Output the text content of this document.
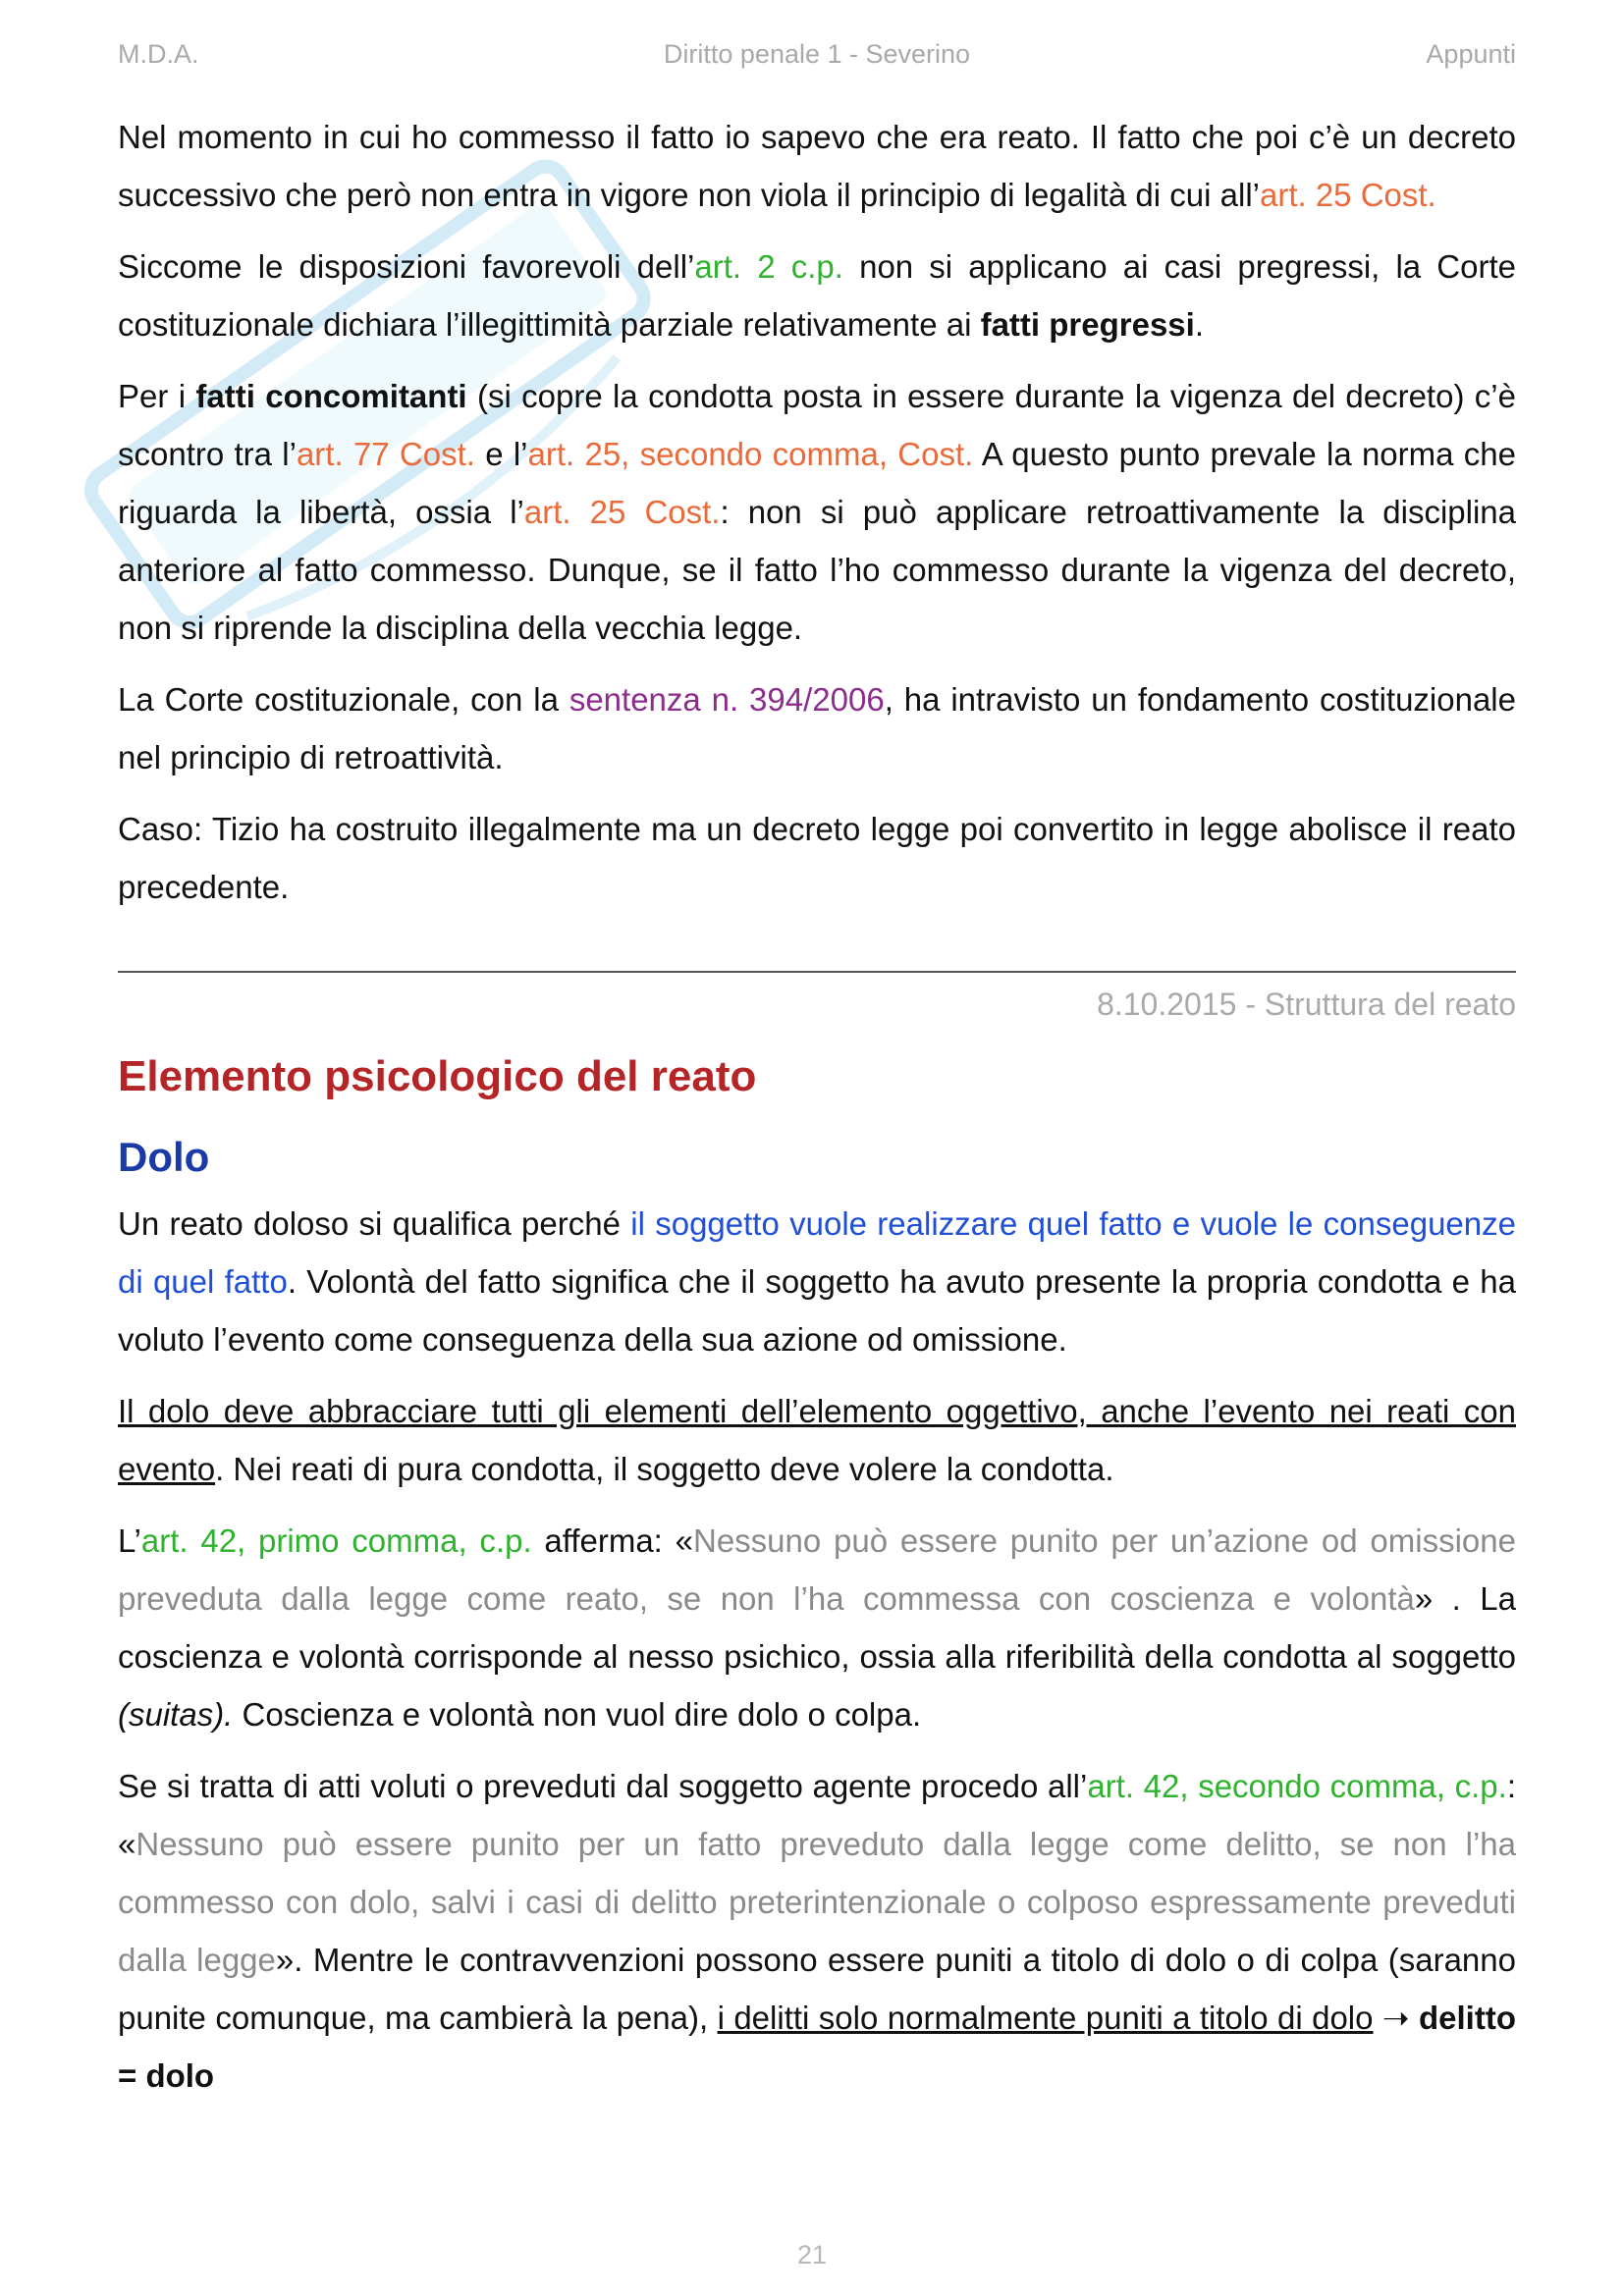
M.D.A.	Diritto penale 1 - Severino	Appunti

Nel momento in cui ho commesso il fatto io sapevo che era reato. Il fatto che poi c’è un decreto successivo che però non entra in vigore non viola il principio di legalità di cui all’art. 25 Cost.

Siccome le disposizioni favorevoli dell’art. 2 c.p. non si applicano ai casi pregressi, la Corte costituzionale dichiara l’illegittimità parziale relativamente ai fatti pregressi.

Per i fatti concomitanti (si copre la condotta posta in essere durante la vigenza del decreto) c’è scontro tra l’art. 77 Cost. e l’art. 25, secondo comma, Cost. A questo punto prevale la norma che riguarda la libertà, ossia l’art. 25 Cost.: non si può applicare retroattivamente la disciplina anteriore al fatto commesso. Dunque, se il fatto l’ho commesso durante la vigenza del decreto, non si riprende la disciplina della vecchia legge.

La Corte costituzionale, con la sentenza n. 394/2006, ha intravisto un fondamento costituzionale nel principio di retroattività.

Caso: Tizio ha costruito illegalmente ma un decreto legge poi convertito in legge abolisce il reato precedente.

8.10.2015 - Struttura del reato
Elemento psicologico del reato
Dolo

Un reato doloso si qualifica perché il soggetto vuole realizzare quel fatto e vuole le conseguenze di quel fatto. Volontà del fatto significa che il soggetto ha avuto presente la propria condotta e ha voluto l’evento come conseguenza della sua azione od omissione.

Il dolo deve abbracciare tutti gli elementi dell’elemento oggettivo, anche l’evento nei reati con evento. Nei reati di pura condotta, il soggetto deve volere la condotta.

L’art. 42, primo comma, c.p. afferma: «Nessuno può essere punito per un’azione od omissione preveduta dalla legge come reato, se non l’ha commessa con coscienza e volontà» . La coscienza e volontà corrisponde al nesso psichico, ossia alla riferibilità della condotta al soggetto (suitas). Coscienza e volontà non vuol dire dolo o colpa.

Se si tratta di atti voluti o preveduti dal soggetto agente procedo all’art. 42, secondo comma, c.p.: «Nessuno può essere punito per un fatto preveduto dalla legge come delitto, se non l’ha commesso con dolo, salvi i casi di delitto preterintenzionale o colposo espressamente preveduti dalla legge». Mentre le contravvenzioni possono essere puniti a titolo di dolo o di colpa (saranno punite comunque, ma cambierà la pena), i delitti solo normalmente puniti a titolo di dolo ➝ delitto = dolo

21
